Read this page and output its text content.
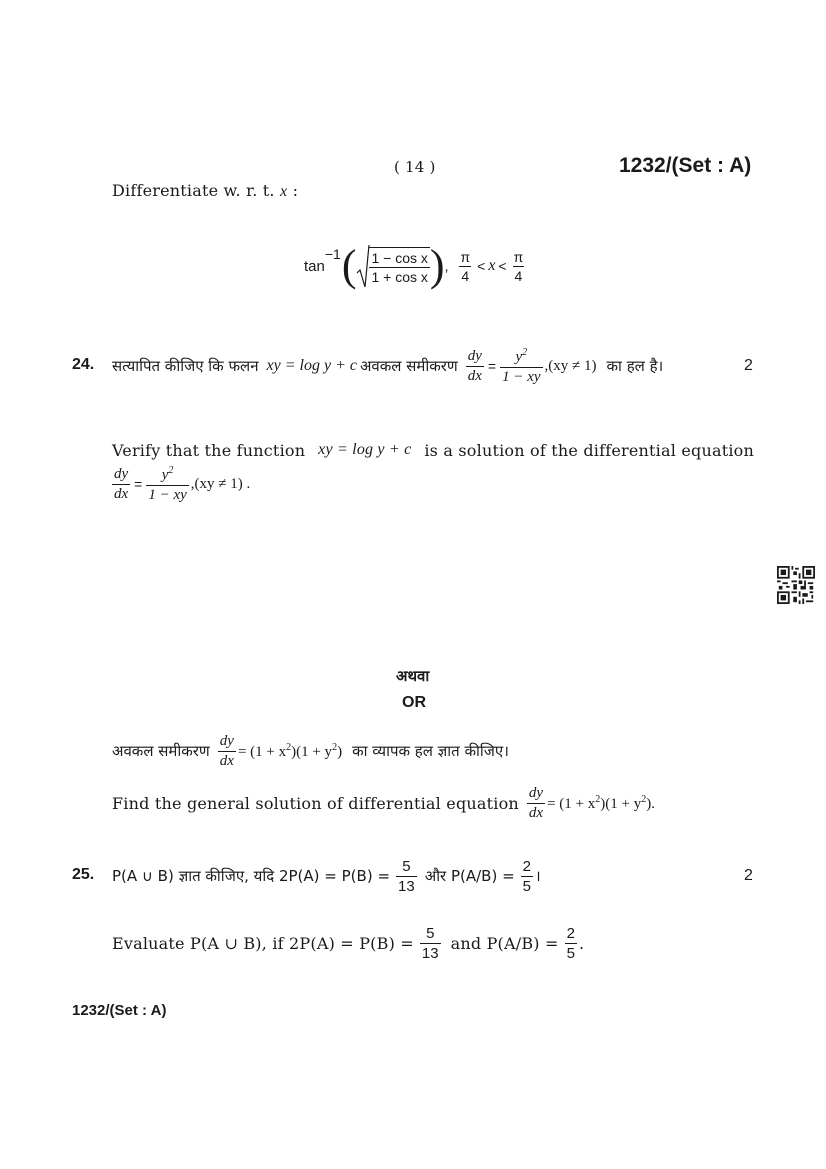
( 14 )	1232/(Set : A)
Differentiate w. r. t. x :
tan
−1 ( $\frac{\text{1 − cos x}}{\text{1 + cos x}}$ ) , $\frac{\pi}{4} < x < \frac{\pi}{4}$
24. सत्यापित कीजिए कि फलन xy = log y + c अवकल समीकरण $\frac{dy}{dx} = \frac{y^2}{1 - xy} ,(xy \ne 1)$ का हल है।	2
Verify that the function xy = log y + c is a solution of the differential equation
$\frac{dy}{dx} = \frac{y^2}{1 - xy} ,(xy \ne 1)$ .
अथवा
OR
अवकल समीकरण $\frac{dy}{dx} = (1 + x^2)(1 + y^2)$ का व्यापक हल ज्ञात कीजिए।
Find the general solution of differential equation $\frac{dy}{dx} = (1 + x^2)(1 + y^2)$.
25. P(A ∪ B) ज्ञात कीजिए, यदि $2P(A) = P(B) = \frac{5}{13}$ और $P(A/B) = \frac{2}{5}$ ।	2
Evaluate P(A ∪ B), if $2P(A) = P(B) = \frac{5}{13}$ and $P(A/B) = \frac{2}{5}$ .
1232/(Set : A)
